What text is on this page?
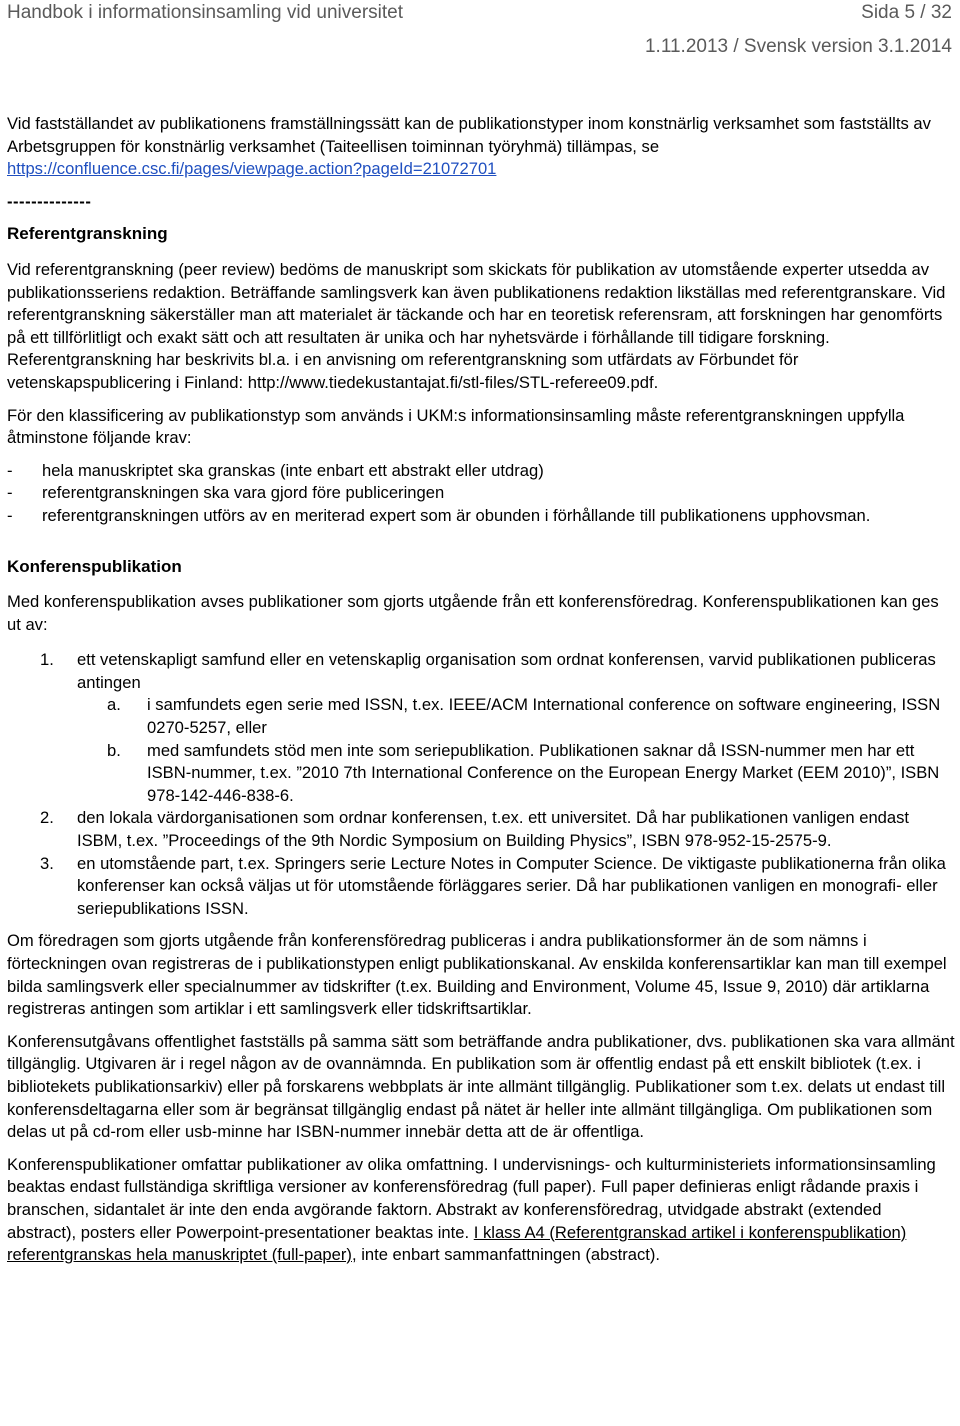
Handbok i informationsinsamling vid universitet	Sida 5 / 32
1.11.2013 / Svensk version 3.1.2014

Vid fastställandet av publikationens framställningssätt kan de publikationstyper inom konstnärlig verksamhet som fastställts av Arbetsgruppen för konstnärlig verksamhet (Taiteellisen toiminnan työryhmä) tillämpas, se https://confluence.csc.fi/pages/viewpage.action?pageId=21072701

--------------

Referentgranskning

Vid referentgranskning (peer review) bedöms de manuskript som skickats för publikation av utomstående experter utsedda av publikationsseriens redaktion. Beträffande samlingsverk kan även publikationens redaktion likställas med referentgranskare. Vid referentgranskning säkerställer man att materialet är täckande och har en teoretisk referensram, att forskningen har genomförts på ett tillförlitligt och exakt sätt och att resultaten är unika och har nyhetsvärde i förhållande till tidigare forskning. Referentgranskning har beskrivits bl.a. i en anvisning om referentgranskning som utfärdats av Förbundet för vetenskapspublicering i Finland: http://www.tiedekustantajat.fi/stl-files/STL-referee09.pdf.

För den klassificering av publikationstyp som används i UKM:s informationsinsamling måste referentgranskningen uppfylla åtminstone följande krav:

- hela manuskriptet ska granskas (inte enbart ett abstrakt eller utdrag)
- referentgranskningen ska vara gjord före publiceringen
- referentgranskningen utförs av en meriterad expert som är obunden i förhållande till publikationens upphovsman.

Konferenspublikation

Med konferenspublikation avses publikationer som gjorts utgående från ett konferensföredrag. Konferenspublikationen kan ges ut av:

1. ett vetenskapligt samfund eller en vetenskaplig organisation som ordnat konferensen, varvid publikationen publiceras antingen
a. i samfundets egen serie med ISSN, t.ex. IEEE/ACM International conference on software engineering, ISSN 0270-5257, eller
b. med samfundets stöd men inte som seriepublikation. Publikationen saknar då ISSN-nummer men har ett ISBN-nummer, t.ex. ”2010 7th International Conference on the European Energy Market (EEM 2010)”, ISBN 978-142-446-838-6.
2. den lokala värdorganisationen som ordnar konferensen, t.ex. ett universitet. Då har publikationen vanligen endast ISBM, t.ex. ”Proceedings of the 9th Nordic Symposium on Building Physics”, ISBN 978-952-15-2575-9.
3. en utomstående part, t.ex. Springers serie Lecture Notes in Computer Science. De viktigaste publikationerna från olika konferenser kan också väljas ut för utomstående förläggares serier. Då har publikationen vanligen en monografi- eller seriepublikations ISSN.

Om föredragen som gjorts utgående från konferensföredrag publiceras i andra publikationsformer än de som nämns i förteckningen ovan registreras de i publikationstypen enligt publikationskanal. Av enskilda konferensartiklar kan man till exempel bilda samlingsverk eller specialnummer av tidskrifter (t.ex. Building and Environment, Volume 45, Issue 9, 2010) där artiklarna registreras antingen som artiklar i ett samlingsverk eller tidskriftsartiklar.

Konferensutgåvans offentlighet fastställs på samma sätt som beträffande andra publikationer, dvs. publikationen ska vara allmänt tillgänglig. Utgivaren är i regel någon av de ovannämnda. En publikation som är offentlig endast på ett enskilt bibliotek (t.ex. i bibliotekets publikationsarkiv) eller på forskarens webbplats är inte allmänt tillgänglig. Publikationer som t.ex. delats ut endast till konferensdeltagarna eller som är begränsat tillgänglig endast på nätet är heller inte allmänt tillgängliga. Om publikationen som delas ut på cd-rom eller usb-minne har ISBN-nummer innebär detta att de är offentliga.

Konferenspublikationer omfattar publikationer av olika omfattning. I undervisnings- och kulturministeriets informationsinsamling beaktas endast fullständiga skriftliga versioner av konferensföredrag (full paper). Full paper definieras enligt rådande praxis i branschen, sidantalet är inte den enda avgörande faktorn. Abstrakt av konferensföredrag, utvidgade abstrakt (extended abstract), posters eller Powerpoint-presentationer beaktas inte. I klass A4 (Referentgranskad artikel i konferenspublikation) referentgranskas hela manuskriptet (full-paper), inte enbart sammanfattningen (abstract).
